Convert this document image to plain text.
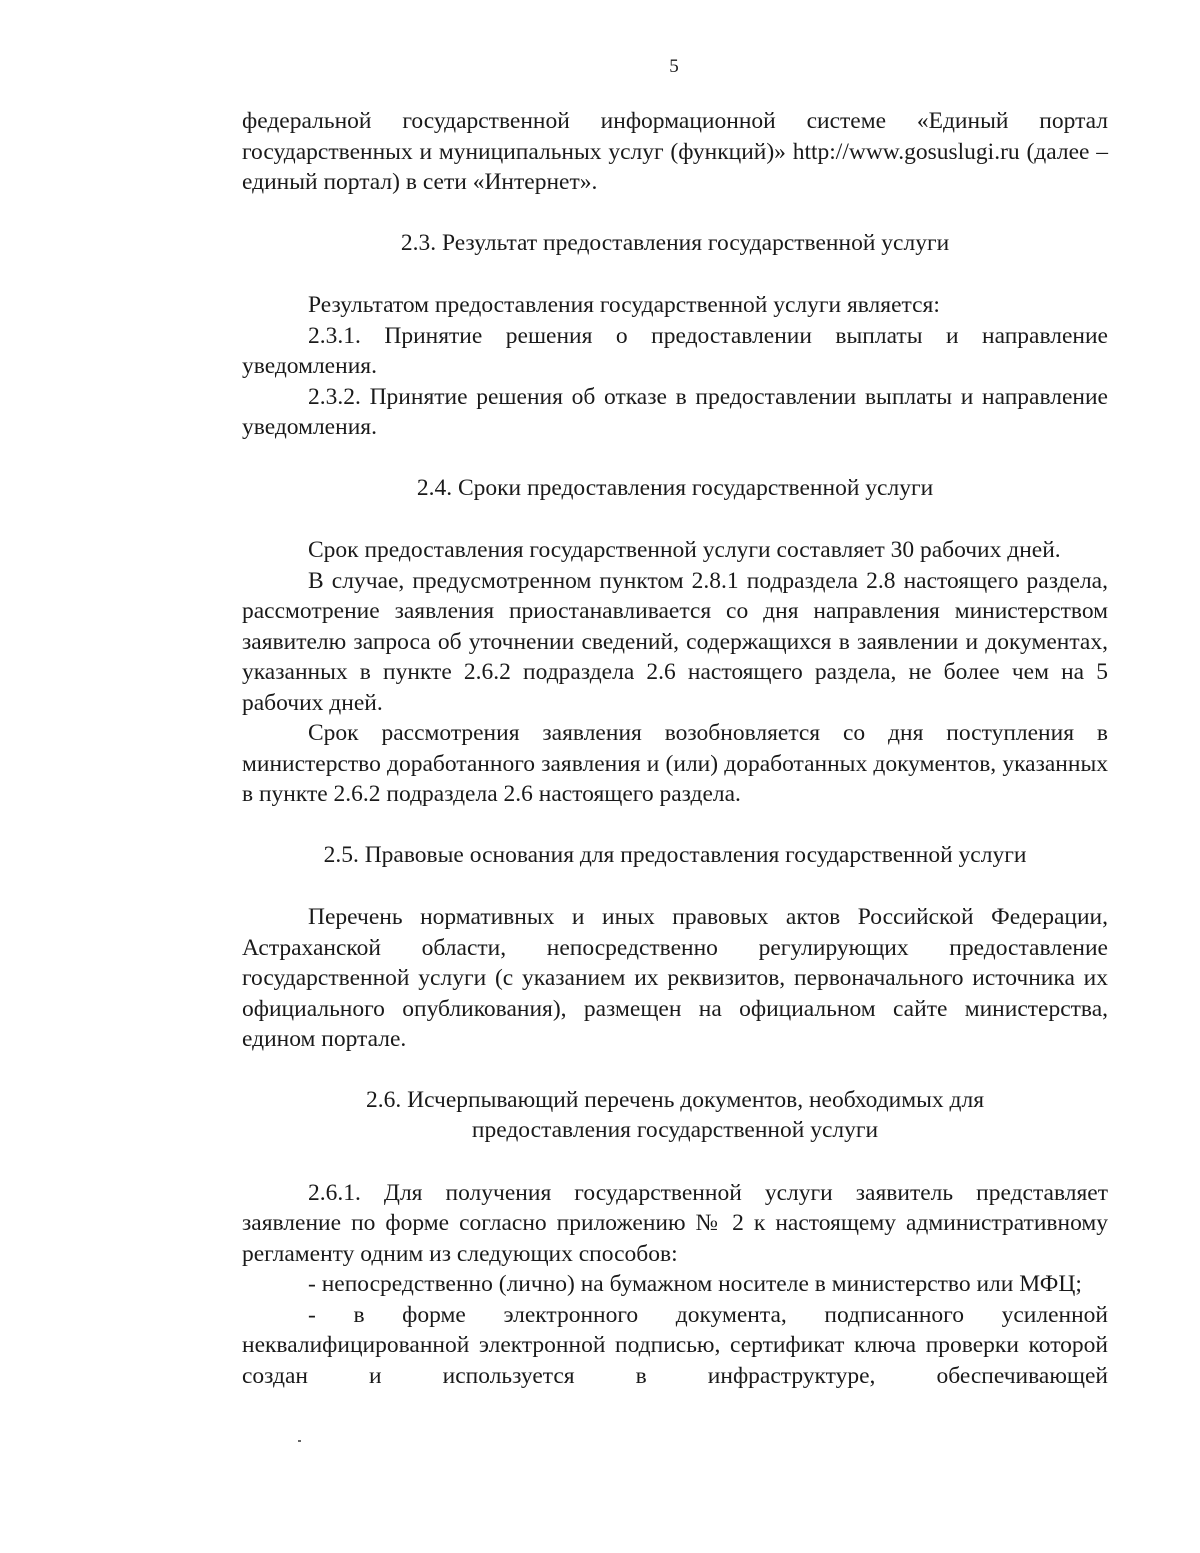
5

федеральной государственной информационной системе «Единый портал государственных и муниципальных услуг (функций)» http://www.gosuslugi.ru (далее – единый портал) в сети «Интернет».

2.3. Результат предоставления государственной услуги

Результатом предоставления государственной услуги является:

2.3.1. Принятие решения о предоставлении выплаты и направление уведомления.

2.3.2. Принятие решения об отказе в предоставлении выплаты и направление уведомления.

2.4. Сроки предоставления государственной услуги

Срок предоставления государственной услуги составляет 30 рабочих дней.

В случае, предусмотренном пунктом 2.8.1 подраздела 2.8 настоящего раздела, рассмотрение заявления приостанавливается со дня направления министерством заявителю запроса об уточнении сведений, содержащихся в заявлении и документах, указанных в пункте 2.6.2 подраздела 2.6 настоящего раздела, не более чем на 5 рабочих дней.

Срок рассмотрения заявления возобновляется со дня поступления в министерство доработанного заявления и (или) доработанных документов, указанных в пункте 2.6.2 подраздела 2.6 настоящего раздела.

2.5. Правовые основания для предоставления государственной услуги

Перечень нормативных и иных правовых актов Российской Федерации, Астраханской области, непосредственно регулирующих предоставление государственной услуги (с указанием их реквизитов, первоначального источника их официального опубликования), размещен на официальном сайте министерства, едином портале.

2.6. Исчерпывающий перечень документов, необходимых для
предоставления государственной услуги

2.6.1. Для получения государственной услуги заявитель представляет заявление по форме согласно приложению № 2 к настоящему административному регламенту одним из следующих способов:

- непосредственно (лично) на бумажном носителе в министерство или МФЦ;

- в форме электронного документа, подписанного усиленной неквалифицированной электронной подписью, сертификат ключа проверки которой создан и используется в инфраструктуре, обеспечивающей
